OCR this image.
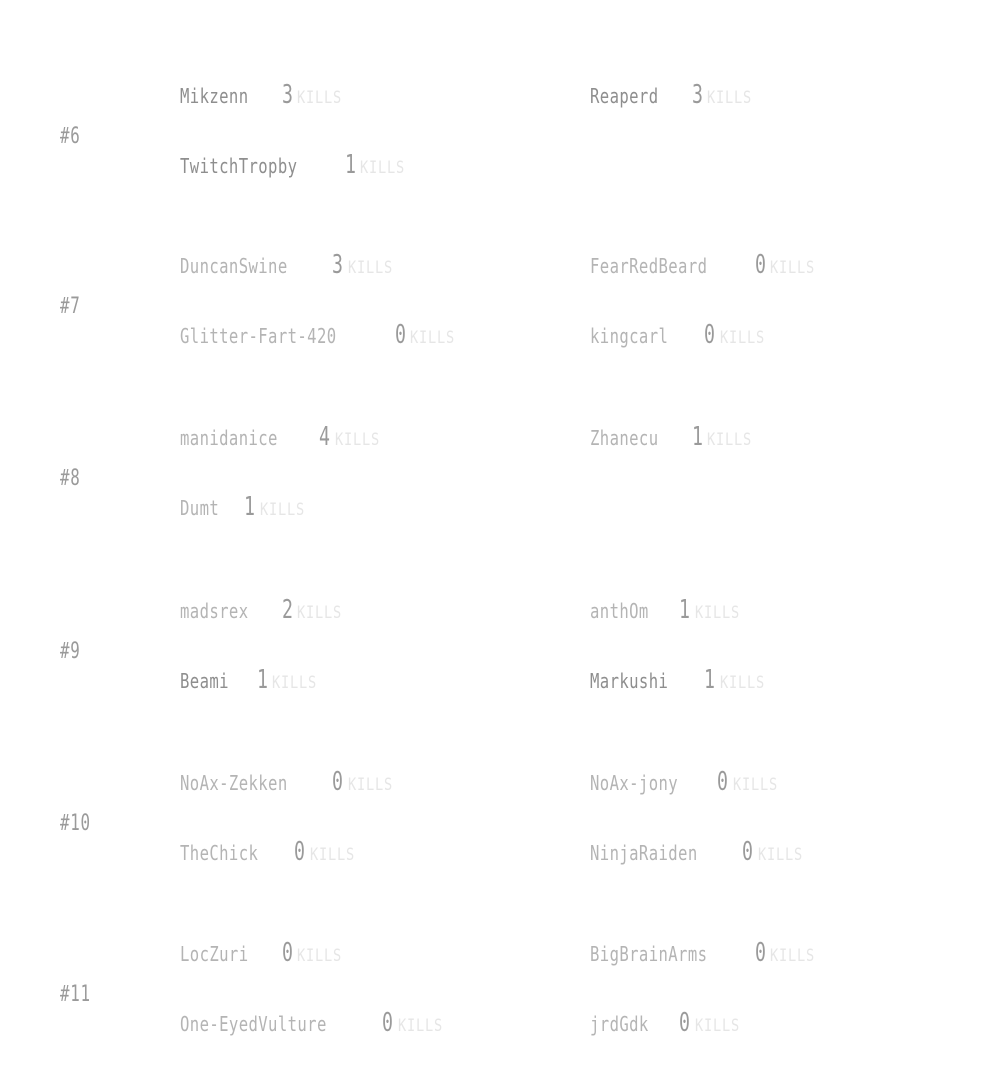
#6
Mikzenn 3 KILLS	Reaperd 3 KILLS
TwitchTropby 1 KILLS
#7
DuncanSwine 3 KILLS	FearRedBeard 0 KILLS
Glitter-Fart-420 0 KILLS	kingcarl 0 KILLS
#8
manidanice 4 KILLS	Zhanecu 1 KILLS
Dumt 1 KILLS
#9
madsrex 2 KILLS	anthOm 1 KILLS
Beami 1 KILLS	Markushi 1 KILLS
#10
NoAx-Zekken 0 KILLS	NoAx-jony 0 KILLS
TheChick 0 KILLS	NinjaRaiden 0 KILLS
#11
LocZuri 0 KILLS	BigBrainArms 0 KILLS
One-EyedVulture 0 KILLS	jrdGdk 0 KILLS
